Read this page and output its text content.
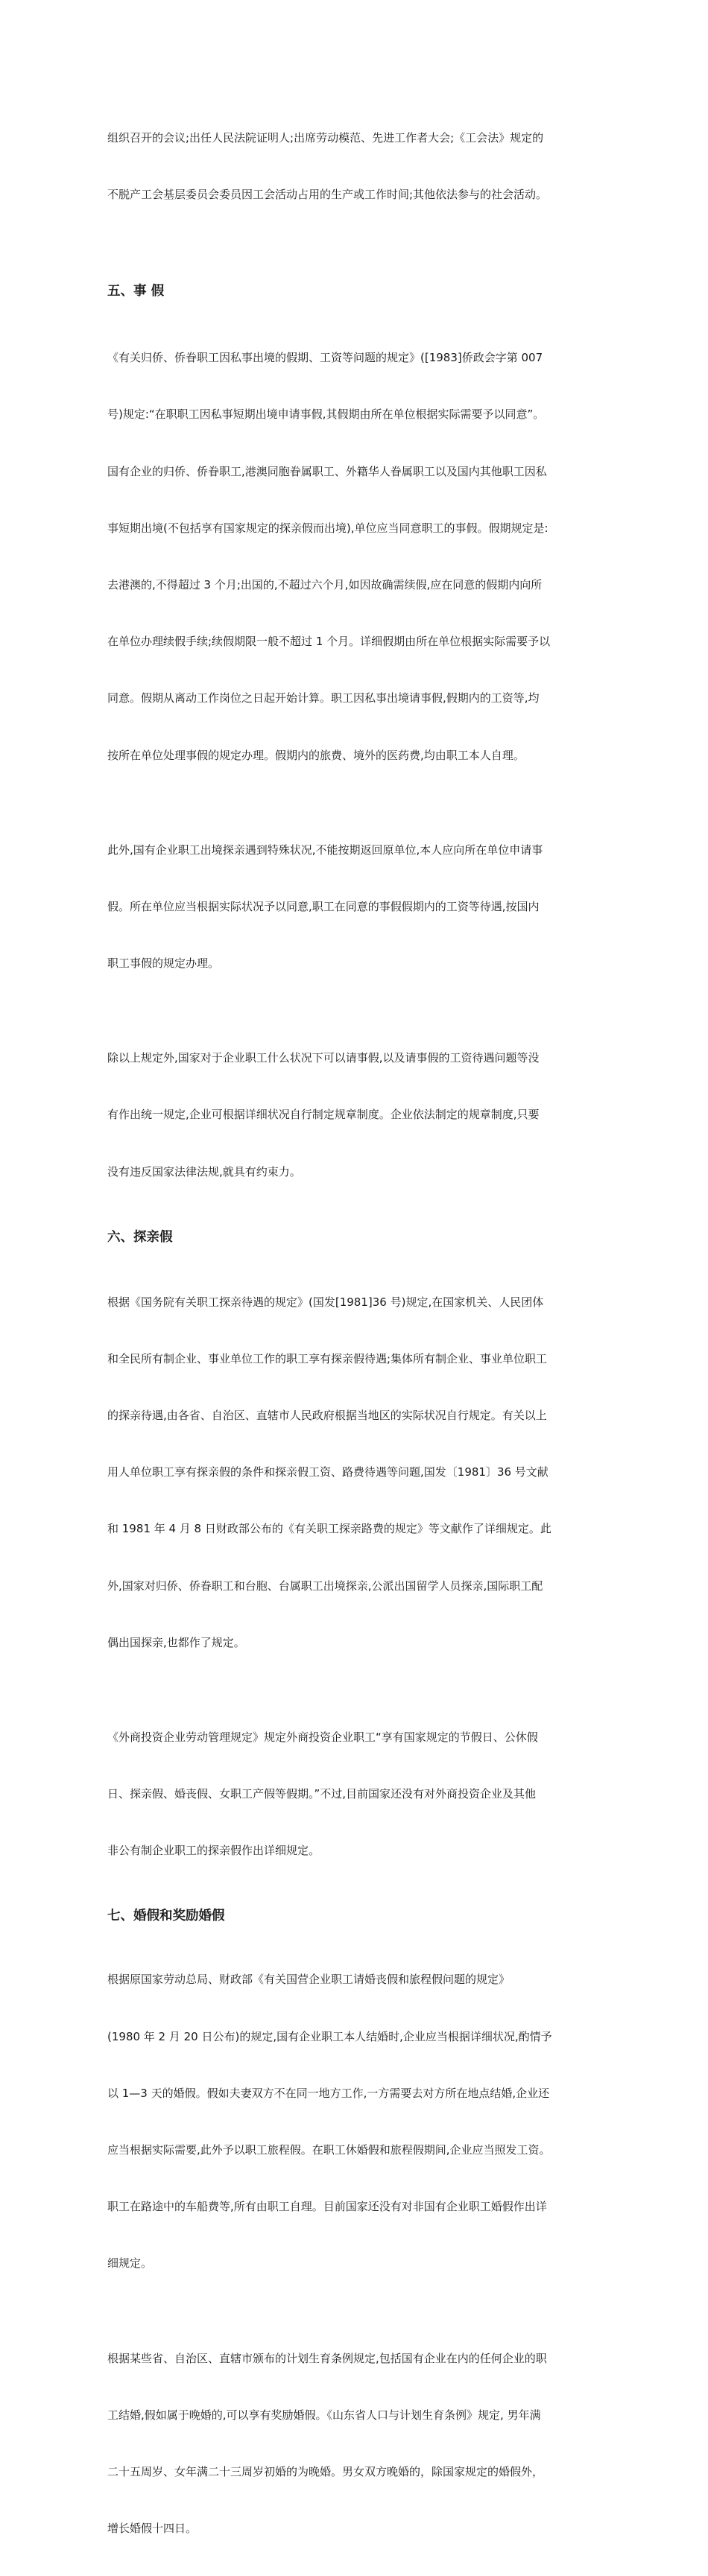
组织召开的会议;出任人民法院证明人;出席劳动模范、先进工作者大会;《工会法》规定的

不脱产工会基层委员会委员因工会活动占用的生产或工作时间;其他依法参与的社会活动。

五、事 假

《有关归侨、侨眷职工因私事出境的假期、工资等问题的规定》([1983]侨政会字第 007

号)规定:“在职职工因私事短期出境申请事假,其假期由所在单位根据实际需要予以同意”。

国有企业的归侨、侨眷职工,港澳同胞眷属职工、外籍华人眷属职工以及国内其他职工因私

事短期出境(不包括享有国家规定的探亲假而出境),单位应当同意职工的事假。假期规定是:

去港澳的,不得超过 3 个月;出国的,不超过六个月,如因故确需续假,应在同意的假期内向所

在单位办理续假手续;续假期限一般不超过 1 个月。详细假期由所在单位根据实际需要予以

同意。假期从离动工作岗位之日起开始计算。职工因私事出境请事假,假期内的工资等,均

按所在单位处理事假的规定办理。假期内的旅费、境外的医药费,均由职工本人自理。

此外,国有企业职工出境探亲遇到特殊状况,不能按期返回原单位,本人应向所在单位申请事

假。所在单位应当根据实际状况予以同意,职工在同意的事假假期内的工资等待遇,按国内

职工事假的规定办理。

除以上规定外,国家对于企业职工什么状况下可以请事假,以及请事假的工资待遇问题等没

有作出统一规定,企业可根据详细状况自行制定规章制度。企业依法制定的规章制度,只要

没有违反国家法律法规,就具有约束力。

六、探亲假

根据《国务院有关职工探亲待遇的规定》(国发[1981]36 号)规定,在国家机关、人民团体

和全民所有制企业、事业单位工作的职工享有探亲假待遇;集体所有制企业、事业单位职工

的探亲待遇,由各省、自治区、直辖市人民政府根据当地区的实际状况自行规定。有关以上

用人单位职工享有探亲假的条件和探亲假工资、路费待遇等问题,国发〔1981〕36 号文献

和 1981 年 4 月 8 日财政部公布的《有关职工探亲路费的规定》等文献作了详细规定。此

外,国家对归侨、侨眷职工和台胞、台属职工出境探亲,公派出国留学人员探亲,国际职工配

偶出国探亲,也都作了规定。

《外商投资企业劳动管理规定》规定外商投资企业职工“享有国家规定的节假日、公休假

日、探亲假、婚丧假、女职工产假等假期。”不过,目前国家还没有对外商投资企业及其他

非公有制企业职工的探亲假作出详细规定。

七、婚假和奖励婚假

根据原国家劳动总局、财政部《有关国营企业职工请婚丧假和旅程假问题的规定》

(1980 年 2 月 20 日公布)的规定,国有企业职工本人结婚时,企业应当根据详细状况,酌情予

以 1—3 天的婚假。假如夫妻双方不在同一地方工作,一方需要去对方所在地点结婚,企业还

应当根据实际需要,此外予以职工旅程假。在职工休婚假和旅程假期间,企业应当照发工资。

职工在路途中的车船费等,所有由职工自理。目前国家还没有对非国有企业职工婚假作出详

细规定。

根据某些省、自治区、直辖市颁布的计划生育条例规定,包括国有企业在内的任何企业的职

工结婚,假如属于晚婚的,可以享有奖励婚假。《山东省人口与计划生育条例》规定, 男年满

二十五周岁、女年满二十三周岁初婚的为晚婚。男女双方晚婚的，除国家规定的婚假外，

增长婚假十四日。
